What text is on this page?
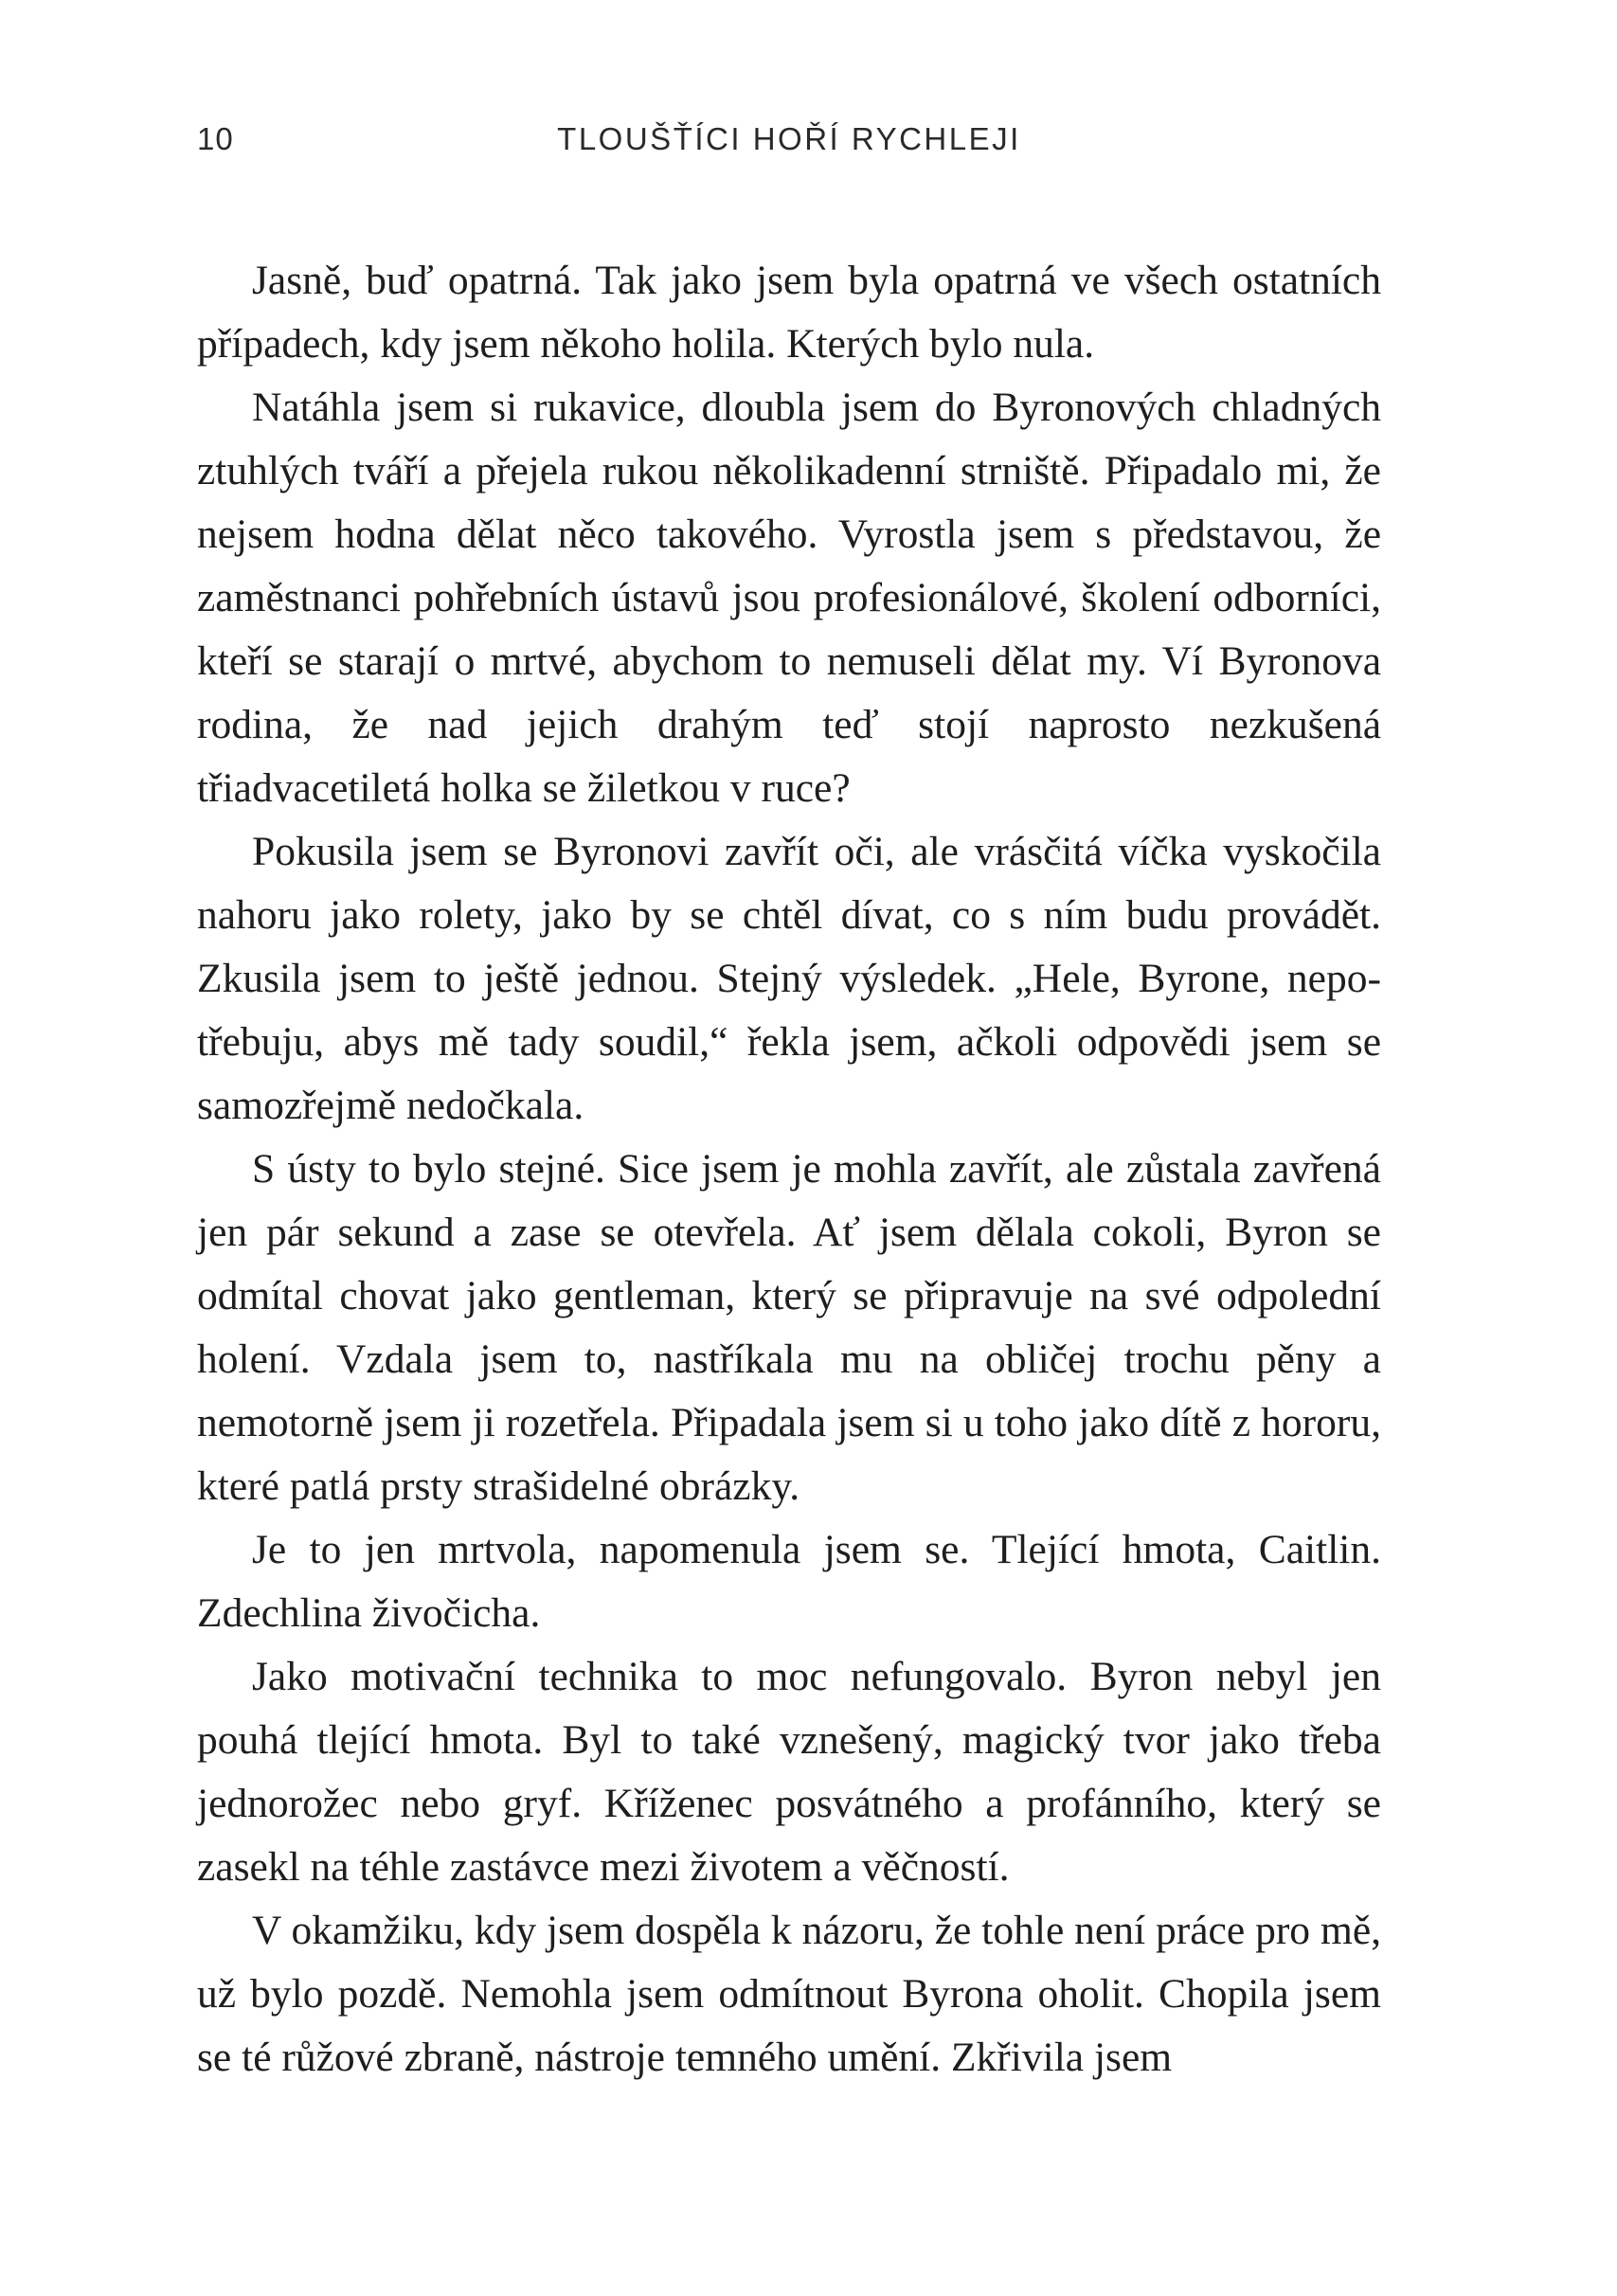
10	TLOUŠŤÍCI HOŘÍ RYCHLEJI

Jasně, buď opatrná. Tak jako jsem byla opatrná ve všech ostatních případech, kdy jsem někoho holila. Kterých bylo nula.

Natáhla jsem si rukavice, dloubla jsem do Byronových chladných ztuhlých tváří a přejela rukou několikadenní strniště. Připadalo mi, že nejsem hodna dělat něco takového. Vyrostla jsem s představou, že zaměstnanci pohřebních ústavů jsou profesionálové, školení odborníci, kteří se starají o mrtvé, abychom to nemuseli dělat my. Ví Byronova rodina, že nad jejich drahým teď stojí naprosto nezkušená třiadvacetiletá holka se žiletkou v ruce?

Pokusila jsem se Byronovi zavřít oči, ale vrásčitá víčka vyskočila nahoru jako rolety, jako by se chtěl dívat, co s ním budu provádět. Zkusila jsem to ještě jednou. Stejný výsledek. „Hele, Byrone, nepotřebuju, abys mě tady soudil,“ řekla jsem, ačkoli odpovědi jsem se samozřejmě nedočkala.

S ústy to bylo stejné. Sice jsem je mohla zavřít, ale zůstala zavřená jen pár sekund a zase se otevřela. Ať jsem dělala cokoli, Byron se odmítal chovat jako gentleman, který se připravuje na své odpolední holení. Vzdala jsem to, nastříkala mu na obličej trochu pěny a nemotorně jsem ji rozetřela. Připadala jsem si u toho jako dítě z hororu, které patlá prsty strašidelné obrázky.

Je to jen mrtvola, napomenula jsem se. Tlející hmota, Caitlin. Zdechlina živočicha.

Jako motivační technika to moc nefungovalo. Byron nebyl jen pouhá tlející hmota. Byl to také vznešený, magický tvor jako třeba jednorožec nebo gryf. Kříženec posvátného a profánního, který se zasekl na téhle zastávce mezi životem a věčností.

V okamžiku, kdy jsem dospěla k názoru, že tohle není práce pro mě, už bylo pozdě. Nemohla jsem odmítnout Byrona oholit. Chopila jsem se té růžové zbraně, nástroje temného umění. Zkřivila jsem
